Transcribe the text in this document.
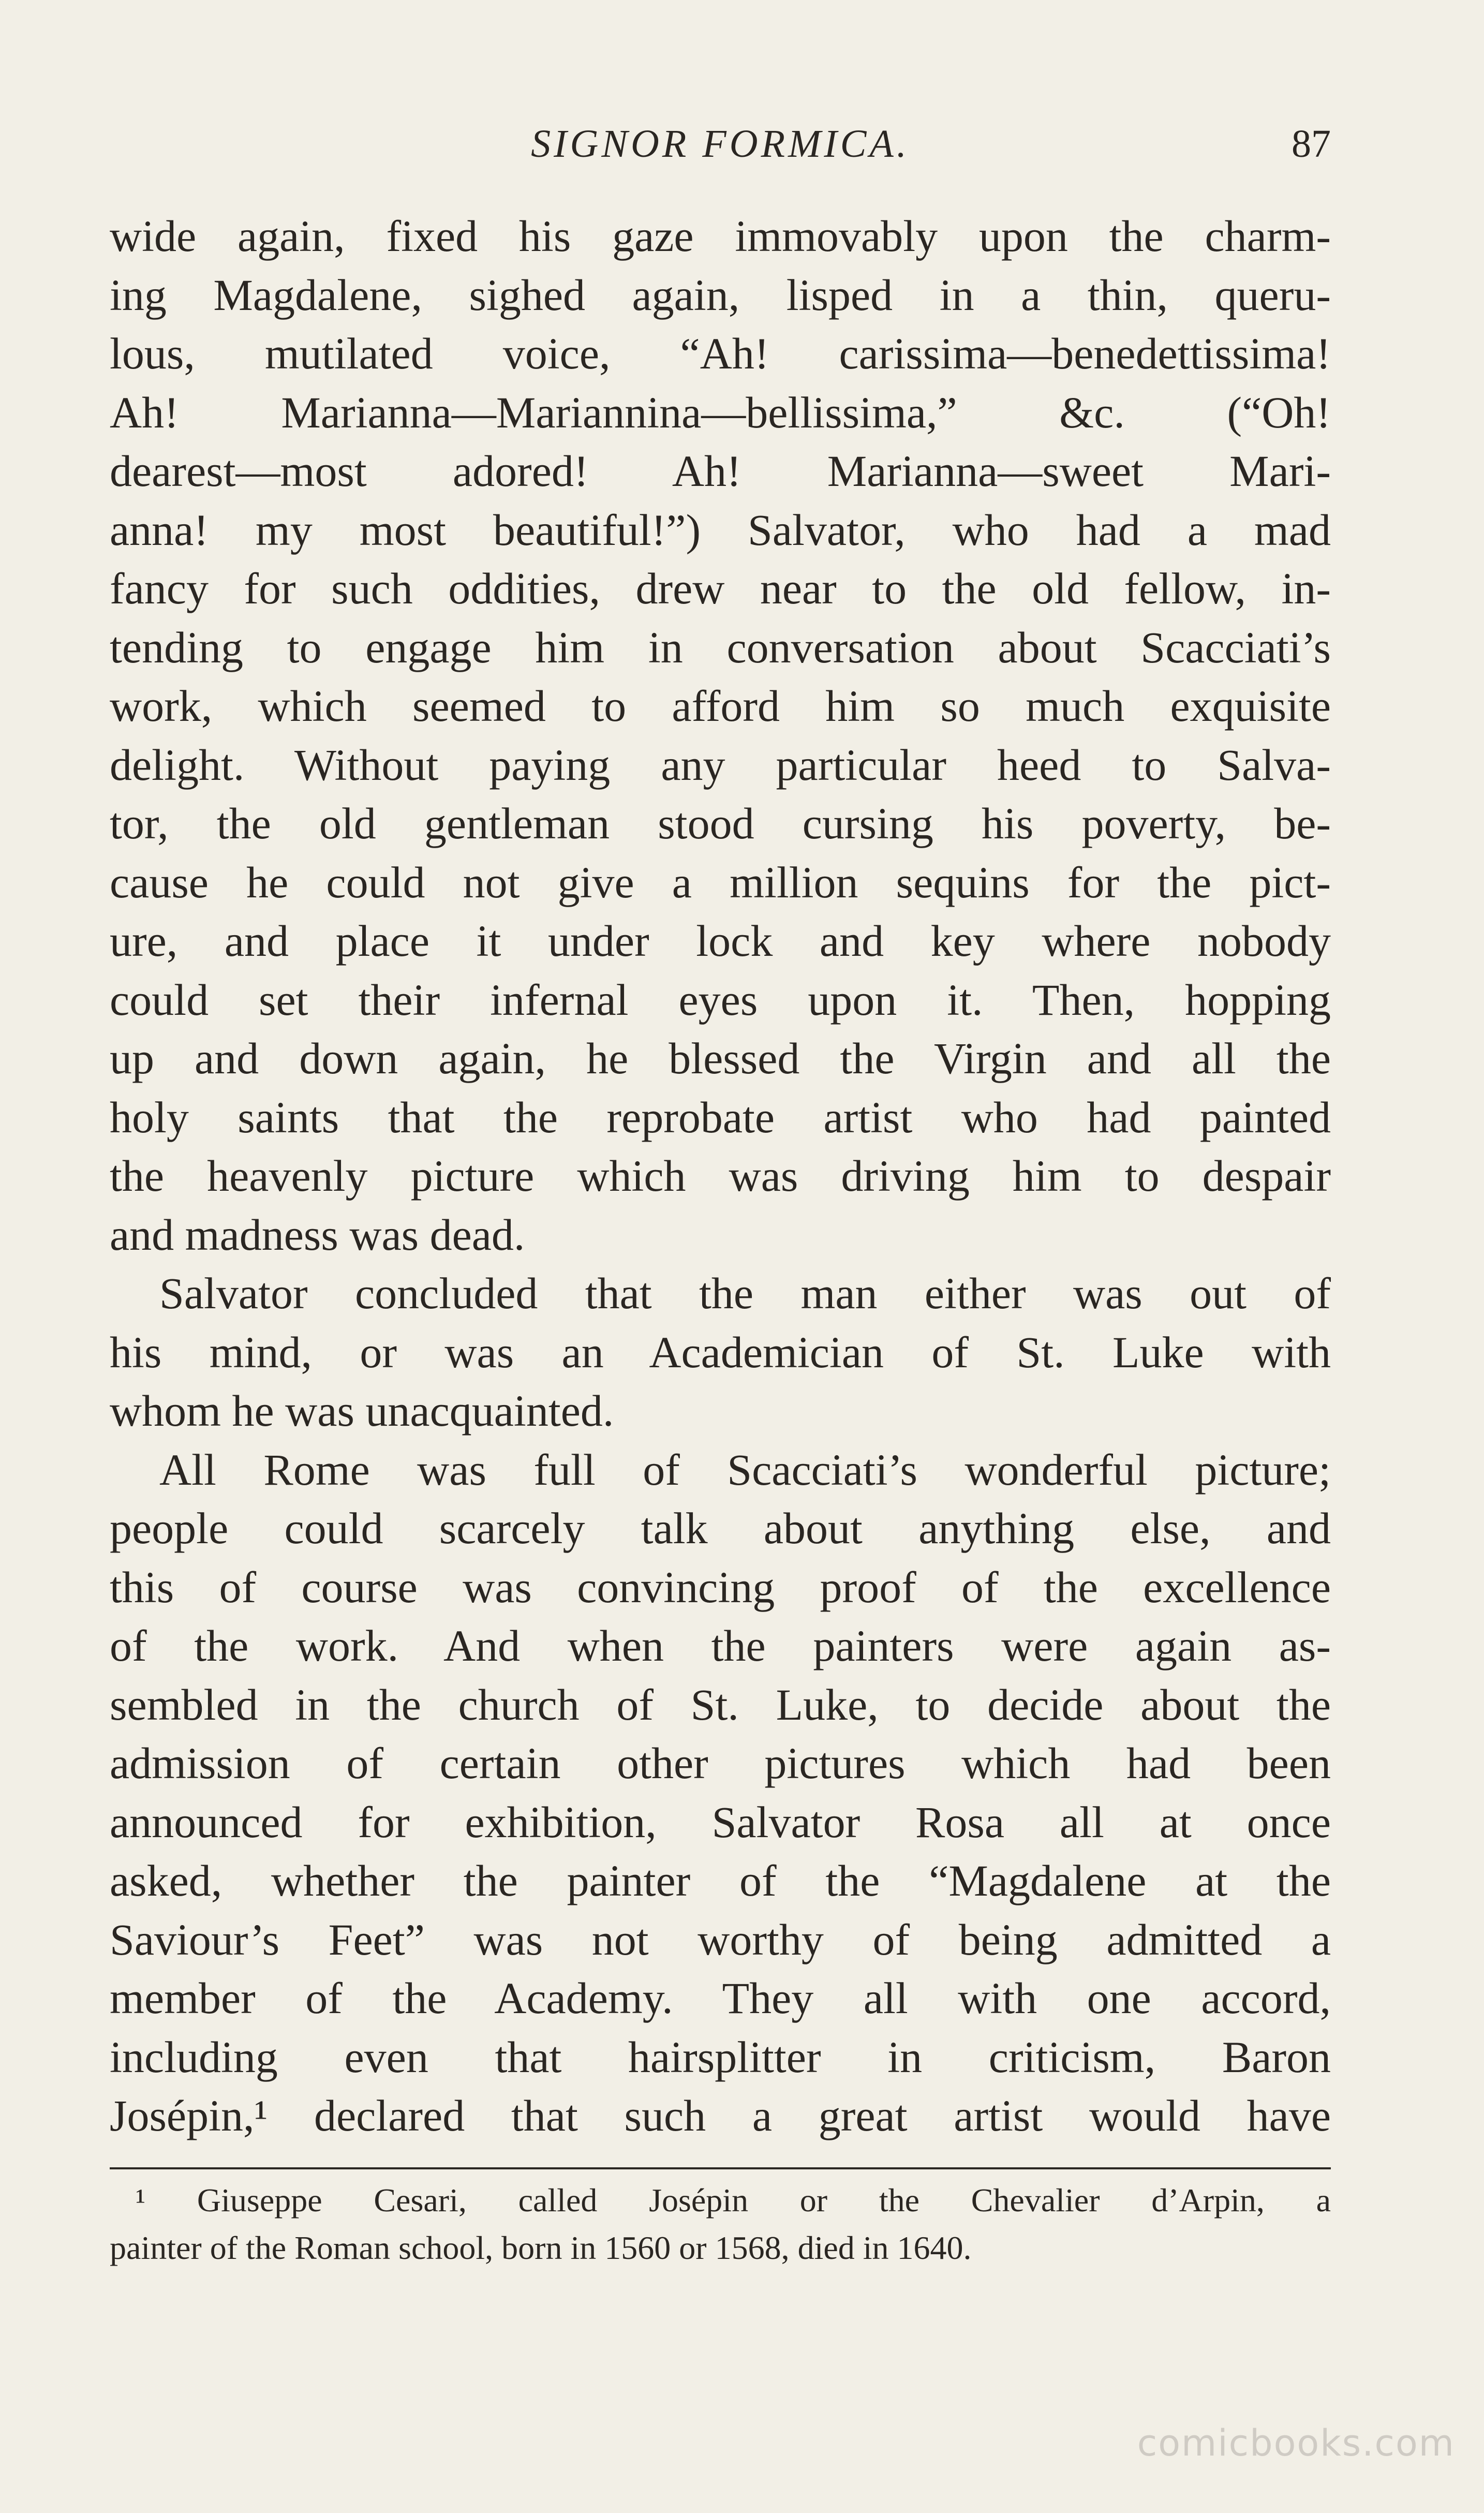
SIGNOR FORMICA.	87
wide again, fixed his gaze immovably upon the charm-
ing Magdalene, sighed again, lisped in a thin, queru-
lous, mutilated voice, “Ah! carissima—benedettissima!
Ah! Marianna—Mariannina—bellissima,” &c. (“Oh!
dearest—most adored! Ah! Marianna—sweet Mari-
anna! my most beautiful!”) Salvator, who had a mad
fancy for such oddities, drew near to the old fellow, in-
tending to engage him in conversation about Scacciati’s
work, which seemed to afford him so much exquisite
delight. Without paying any particular heed to Salva-
tor, the old gentleman stood cursing his poverty, be-
cause he could not give a million sequins for the pict-
ure, and place it under lock and key where nobody
could set their infernal eyes upon it. Then, hopping
up and down again, he blessed the Virgin and all the
holy saints that the reprobate artist who had painted
the heavenly picture which was driving him to despair
and madness was dead.
Salvator concluded that the man either was out of
his mind, or was an Academician of St. Luke with
whom he was unacquainted.
All Rome was full of Scacciati’s wonderful picture;
people could scarcely talk about anything else, and
this of course was convincing proof of the excellence
of the work. And when the painters were again as-
sembled in the church of St. Luke, to decide about the
admission of certain other pictures which had been
announced for exhibition, Salvator Rosa all at once
asked, whether the painter of the “Magdalene at the
Saviour’s Feet” was not worthy of being admitted a
member of the Academy. They all with one accord,
including even that hairsplitter in criticism, Baron
Josépin,¹ declared that such a great artist would have
¹ Giuseppe Cesari, called Josépin or the Chevalier d’Arpin, a
painter of the Roman school, born in 1560 or 1568, died in 1640.
comicbooks.com
